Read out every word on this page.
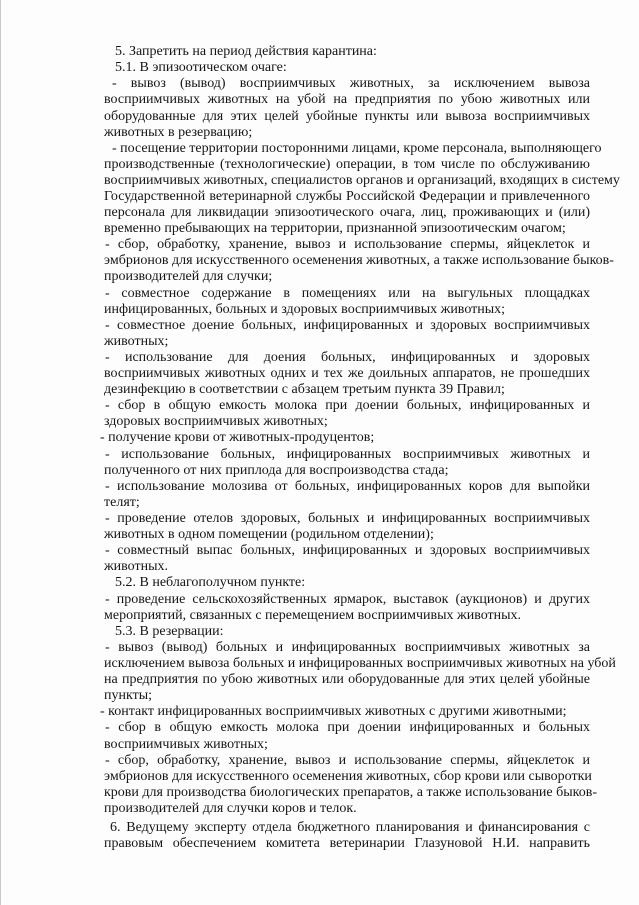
5. Запретить на период действия карантина:
5.1. В эпизоотическом очаге:
- вывоз (вывод) восприимчивых животных, за исключением вывоза
восприимчивых животных на убой на предприятия по убою животных или
оборудованные для этих целей убойные пункты или вывоза восприимчивых
животных в резервацию;
- посещение территории посторонними лицами, кроме персонала, выполняющего
производственные (технологические) операции, в том числе по обслуживанию
восприимчивых животных, специалистов органов и организаций, входящих в систему
Государственной ветеринарной службы Российской Федерации и привлеченного
персонала для ликвидации эпизоотического очага, лиц, проживающих и (или)
временно пребывающих на территории, признанной эпизоотическим очагом;
- сбор, обработку, хранение, вывоз и использование спермы, яйцеклеток и
эмбрионов для искусственного осеменения животных, а также использование быков-
производителей для случки;
- совместное содержание в помещениях или на выгульных площадках
инфицированных, больных и здоровых восприимчивых животных;
- совместное доение больных, инфицированных и здоровых восприимчивых
животных;
- использование для доения больных, инфицированных и здоровых
восприимчивых животных одних и тех же доильных аппаратов, не прошедших
дезинфекцию в соответствии с абзацем третьим пункта 39 Правил;
- сбор в общую емкость молока при доении больных, инфицированных и
здоровых восприимчивых животных;
- получение крови от животных-продуцентов;
- использование больных, инфицированных восприимчивых животных и
полученного от них приплода для воспроизводства стада;
- использование молозива от больных, инфицированных коров для выпойки
телят;
- проведение отелов здоровых, больных и инфицированных восприимчивых
животных в одном помещении (родильном отделении);
- совместный выпас больных, инфицированных и здоровых восприимчивых
животных.
5.2. В неблагополучном пункте:
- проведение сельскохозяйственных ярмарок, выставок (аукционов) и других
мероприятий, связанных с перемещением восприимчивых животных.
5.3. В резервации:
- вывоз (вывод) больных и инфицированных восприимчивых животных за
исключением вывоза больных и инфицированных восприимчивых животных на убой
на предприятия по убою животных или оборудованные для этих целей убойные
пункты;
- контакт инфицированных восприимчивых животных с другими животными;
- сбор в общую емкость молока при доении инфицированных и больных
восприимчивых животных;
- сбор, обработку, хранение, вывоз и использование спермы, яйцеклеток и
эмбрионов для искусственного осеменения животных, сбор крови или сыворотки
крови для производства биологических препаратов, а также использование быков-
производителей для случки коров и телок.
6. Ведущему эксперту отдела бюджетного планирования и финансирования с
правовым обеспечением комитета ветеринарии Глазуновой Н.И. направить
